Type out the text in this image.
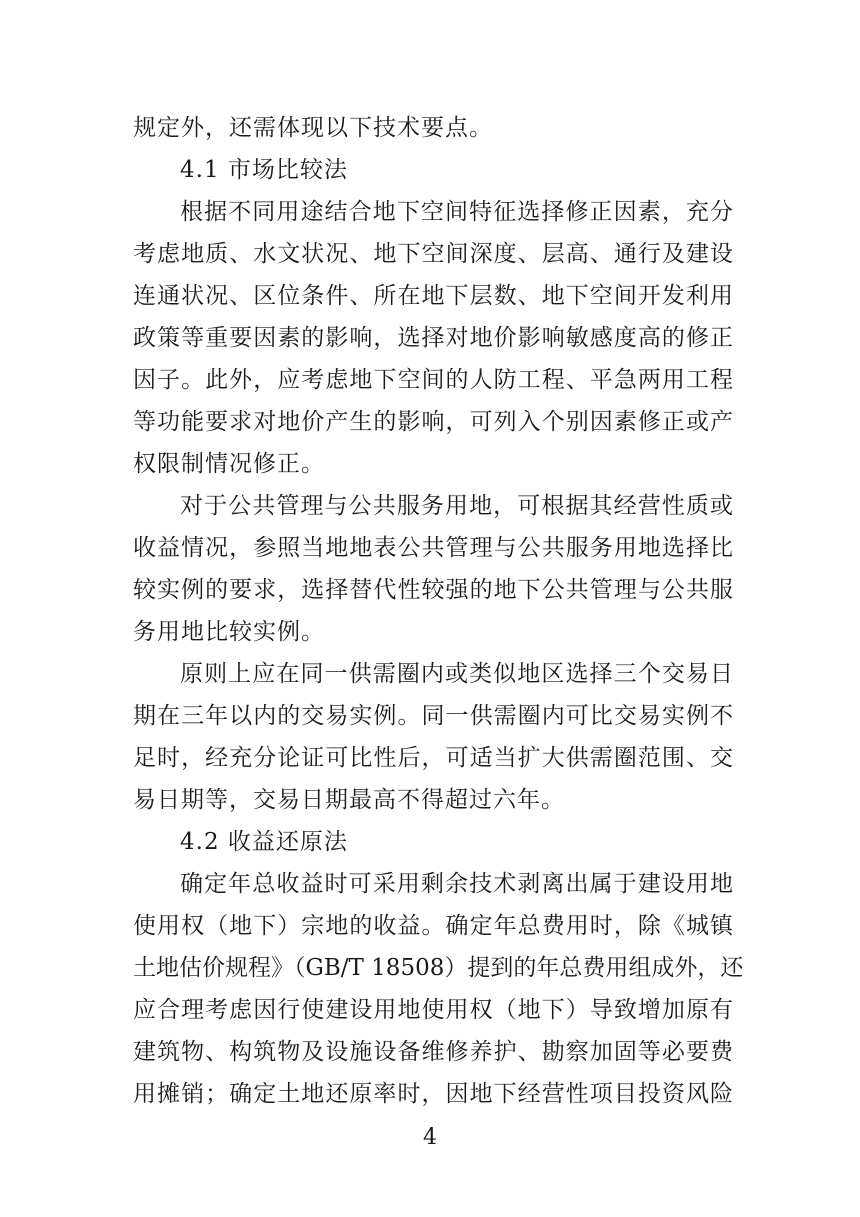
规定外，还需体现以下技术要点。
4.1 市场比较法
根据不同用途结合地下空间特征选择修正因素，充分
考虑地质、水文状况、地下空间深度、层高、通行及建设
连通状况、区位条件、所在地下层数、地下空间开发利用
政策等重要因素的影响，选择对地价影响敏感度高的修正
因子。此外，应考虑地下空间的人防工程、平急两用工程
等功能要求对地价产生的影响，可列入个别因素修正或产
权限制情况修正。
对于公共管理与公共服务用地，可根据其经营性质或
收益情况，参照当地地表公共管理与公共服务用地选择比
较实例的要求，选择替代性较强的地下公共管理与公共服
务用地比较实例。
原则上应在同一供需圈内或类似地区选择三个交易日
期在三年以内的交易实例。同一供需圈内可比交易实例不
足时，经充分论证可比性后，可适当扩大供需圈范围、交
易日期等，交易日期最高不得超过六年。
4.2 收益还原法
确定年总收益时可采用剩余技术剥离出属于建设用地
使用权（地下）宗地的收益。确定年总费用时，除《城镇
土地估价规程》（GB/T 18508）提到的年总费用组成外，还
应合理考虑因行使建设用地使用权（地下）导致增加原有
建筑物、构筑物及设施设备维修养护、勘察加固等必要费
用摊销；确定土地还原率时，因地下经营性项目投资风险
4
